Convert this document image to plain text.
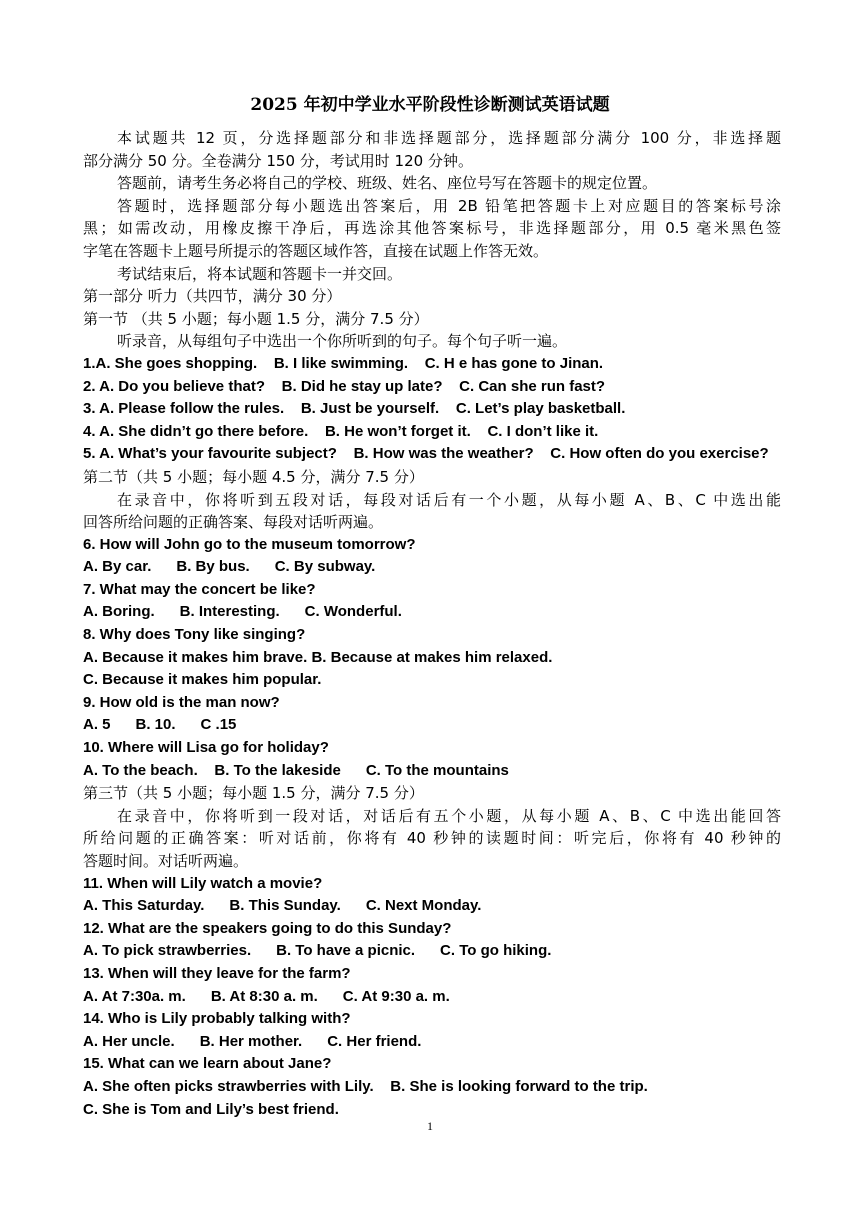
2025 年初中学业水平阶段性诊断测试英语试题
本试题共 12 页，分选择题部分和非选择题部分，选择题部分满分 100 分，非选择题
部分满分 50 分。全卷满分 150 分，考试用时 120 分钟。
答题前，请考生务必将自己的学校、班级、姓名、座位号写在答题卡的规定位置。
答题时，选择题部分每小题选出答案后，用 2B 铅笔把答题卡上对应题目的答案标号涂
黑；如需改动，用橡皮擦干净后，再选涂其他答案标号，非选择题部分，用 0.5 毫米黑色签
字笔在答题卡上题号所提示的答题区域作答，直接在试题上作答无效。
考试结束后，将本试题和答题卡一并交回。
第一部分 听力（共四节，满分 30 分）
第一节 （共 5 小题；每小题 1.5 分，满分 7.5 分）
听录音，从每组句子中选出一个你所听到的句子。每个句子听一遍。
1.A. She goes shopping.    B. I like swimming.    C. H e has gone to Jinan.
2. A. Do you believe that?    B. Did he stay up late?    C. Can she run fast?
3. A. Please follow the rules.    B. Just be yourself.    C. Let’s play basketball.
4. A. She didn’t go there before.    B. He won’t forget it.    C. I don’t like it.
5. A. What’s your favourite subject?    B. How was the weather?    C. How often do you exercise?
第二节（共 5 小题；每小题 4.5 分，满分 7.5 分）
在录音中，你将听到五段对话，每段对话后有一个小题，从每小题 A、B、C 中选出能
回答所给问题的正确答案、每段对话听两遍。
6. How will John go to the museum tomorrow?
A. By car.      B. By bus.      C. By subway.
7. What may the concert be like?
A. Boring.      B. Interesting.      C. Wonderful.
8. Why does Tony like singing?
A. Because it makes him brave. B. Because at makes him relaxed.
C. Because it makes him popular.
9. How old is the man now?
A. 5      B. 10.      C .15
10. Where will Lisa go for holiday?
A. To the beach.    B. To the lakeside      C. To the mountains
第三节（共 5 小题；每小题 1.5 分，满分 7.5 分）
在录音中，你将听到一段对话，对话后有五个小题，从每小题 A、B、C 中选出能回答
所给问题的正确答案：听对话前，你将有 40 秒钟的读题时间：听完后，你将有 40 秒钟的
答题时间。对话听两遍。
11. When will Lily watch a movie?
A. This Saturday.      B. This Sunday.      C. Next Monday.
12. What are the speakers going to do this Sunday?
A. To pick strawberries.      B. To have a picnic.      C. To go hiking.
13. When will they leave for the farm?
A. At 7:30a. m.      B. At 8:30 a. m.      C. At 9:30 a. m.
14. Who is Lily probably talking with?
A. Her uncle.      B. Her mother.      C. Her friend.
15. What can we learn about Jane?
A. She often picks strawberries with Lily.    B. She is looking forward to the trip.
C. She is Tom and Lily’s best friend.
1
